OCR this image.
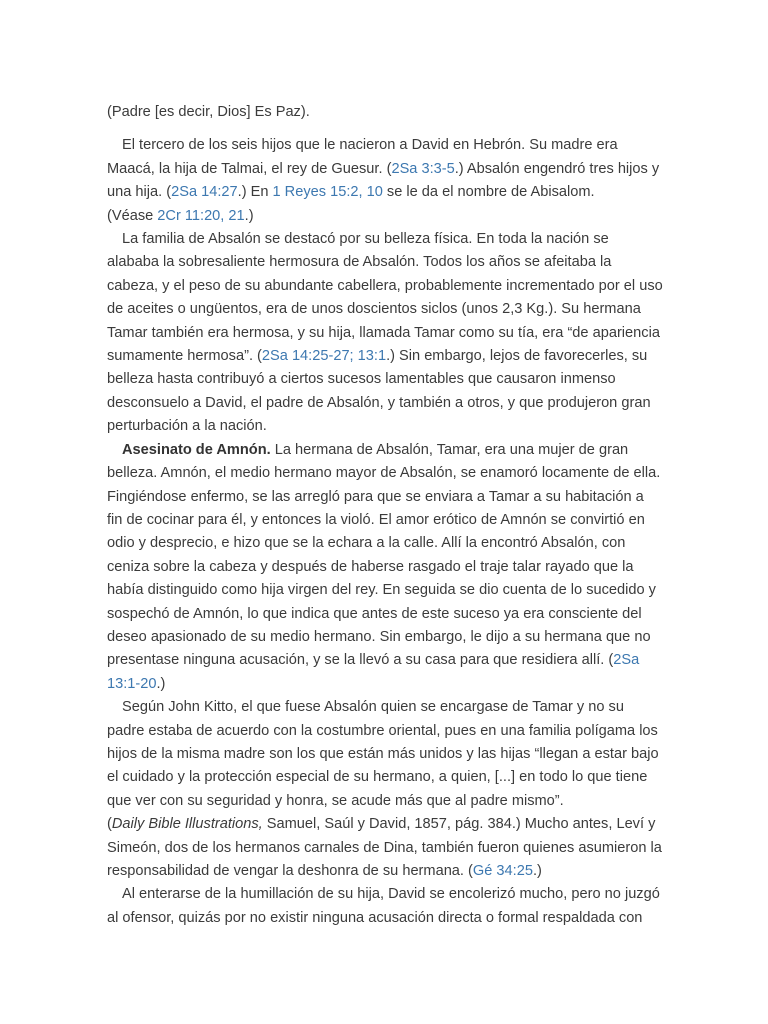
(Padre [es decir, Dios] Es Paz).

El tercero de los seis hijos que le nacieron a David en Hebrón. Su madre era Maacá, la hija de Talmai, el rey de Guesur. (2Sa 3:3-5.) Absalón engendró tres hijos y una hija. (2Sa 14:27.) En 1 Reyes 15:2, 10 se le da el nombre de Abisalom.

(Véase 2Cr 11:20, 21.)

La familia de Absalón se destacó por su belleza física. En toda la nación se alababa la sobresaliente hermosura de Absalón. Todos los años se afeitaba la cabeza, y el peso de su abundante cabellera, probablemente incrementado por el uso de aceites o ungüentos, era de unos doscientos siclos (unos 2,3 Kg.). Su hermana Tamar también era hermosa, y su hija, llamada Tamar como su tía, era “de apariencia sumamente hermosa”. (2Sa 14:25-27; 13:1.) Sin embargo, lejos de favorecerles, su belleza hasta contribuyó a ciertos sucesos lamentables que causaron inmenso desconsuelo a David, el padre de Absalón, y también a otros, y que produjeron gran perturbación a la nación.

Asesinato de Amnón. La hermana de Absalón, Tamar, era una mujer de gran belleza. Amnón, el medio hermano mayor de Absalón, se enamoró locamente de ella. Fingiéndose enfermo, se las arregló para que se enviara a Tamar a su habitación a fin de cocinar para él, y entonces la violó. El amor erótico de Amnón se convirtió en odio y desprecio, e hizo que se la echara a la calle. Allí la encontró Absalón, con ceniza sobre la cabeza y después de haberse rasgado el traje talar rayado que la había distinguido como hija virgen del rey. En seguida se dio cuenta de lo sucedido y sospechó de Amnón, lo que indica que antes de este suceso ya era consciente del deseo apasionado de su medio hermano. Sin embargo, le dijo a su hermana que no presentase ninguna acusación, y se la llevó a su casa para que residiera allí. (2Sa 13:1-20.)

Según John Kitto, el que fuese Absalón quien se encargase de Tamar y no su padre estaba de acuerdo con la costumbre oriental, pues en una familia polígama los hijos de la misma madre son los que están más unidos y las hijas “llegan a estar bajo el cuidado y la protección especial de su hermano, a quien, [...] en todo lo que tiene que ver con su seguridad y honra, se acude más que al padre mismo”.

(Daily Bible Illustrations, Samuel, Saúl y David, 1857, pág. 384.) Mucho antes, Leví y Simeón, dos de los hermanos carnales de Dina, también fueron quienes asumieron la responsabilidad de vengar la deshonra de su hermana. (Gé 34:25.)

Al enterarse de la humillación de su hija, David se encolerizó mucho, pero no juzgó al ofensor, quizás por no existir ninguna acusación directa o formal respaldada con
